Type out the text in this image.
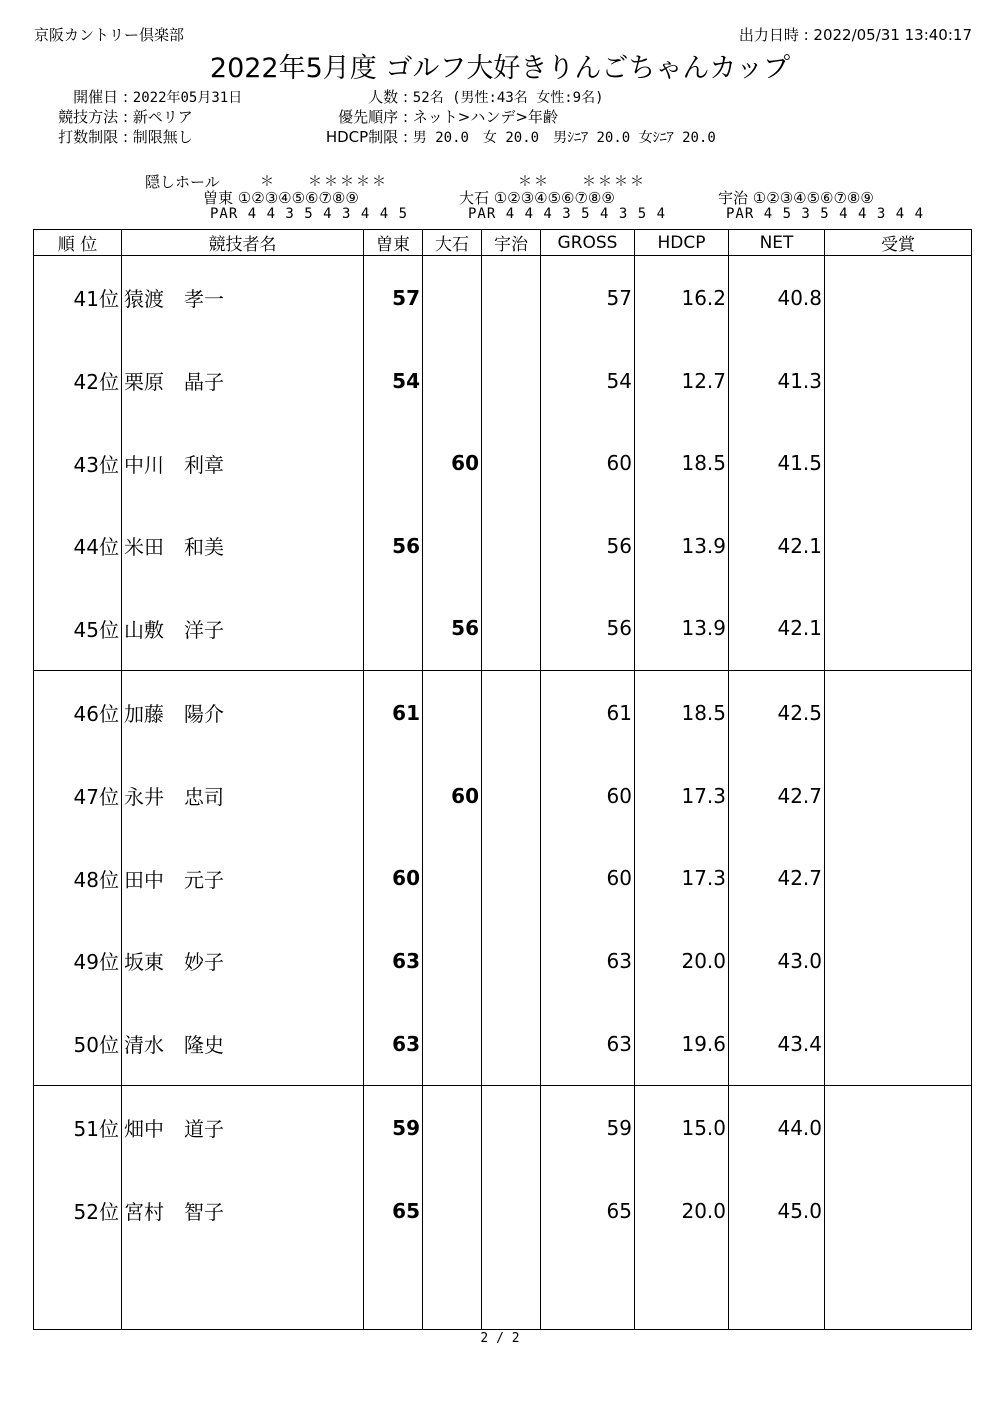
京阪カントリー倶楽部	出力日時 : 2022/05/31 13:40:17
2022年5月度 ゴルフ大好きりんごちゃんカップ
開催日 : 2022年05月31日
競技方法 : 新ペリア
打数制限 : 制限無し
人数 : 52名 (男性:43名 女性:9名)
優先順序 : ネット>ハンデ>年齢
HDCP制限 : 男 20.0　女 20.0　男ｼﾆｱ 20.0 女ｼﾆｱ 20.0
隠しホール	＊　　＊＊＊＊＊	＊＊　　＊＊＊＊
曽東 ①②③④⑤⑥⑦⑧⑨
PAR 4 4 3 5 4 3 4 4 5
大石 ①②③④⑤⑥⑦⑧⑨
PAR 4 4 4 3 5 4 3 5 4
宇治 ①②③④⑤⑥⑦⑧⑨
PAR 4 5 3 5 4 4 3 4 4
順 位	競技者名	曽東	大石	宇治	GROSS	HDCP	NET	受賞
41位	猿渡　孝一	57			57	16.2	40.8	
42位	栗原　晶子	54			54	12.7	41.3	
43位	中川　利章		60		60	18.5	41.5	
44位	米田　和美	56			56	13.9	42.1	
45位	山敷　洋子		56		56	13.9	42.1	
46位	加藤　陽介	61			61	18.5	42.5	
47位	永井　忠司		60		60	17.3	42.7	
48位	田中　元子	60			60	17.3	42.7	
49位	坂東　妙子	63			63	20.0	43.0	
50位	清水　隆史	63			63	19.6	43.4	
51位	畑中　道子	59			59	15.0	44.0	
52位	宮村　智子	65			65	20.0	45.0	

2 / 2
